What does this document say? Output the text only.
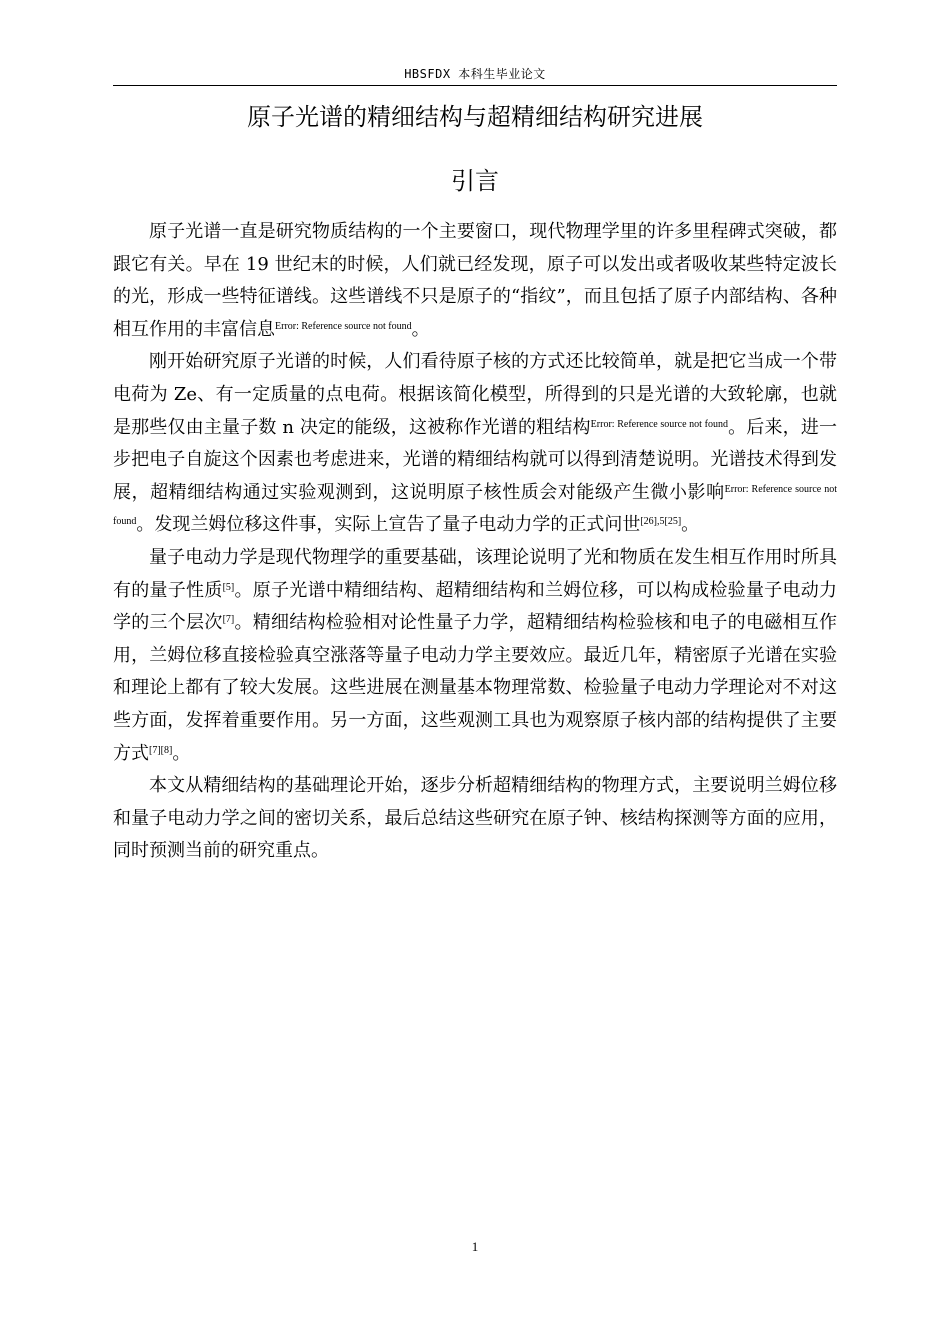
HBSFDX 本科生毕业论文
原子光谱的精细结构与超精细结构研究进展
引言

原子光谱一直是研究物质结构的一个主要窗口，现代物理学里的许多里程碑式突破，都跟它有关。早在 19 世纪末的时候，人们就已经发现，原子可以发出或者吸收某些特定波长的光，形成一些特征谱线。这些谱线不只是原子的“指纹”，而且包括了原子内部结构、各种相互作用的丰富信息$^{Error: Reference source not found}$。

刚开始研究原子光谱的时候，人们看待原子核的方式还比较简单，就是把它当成一个带电荷为 Ze、有一定质量的点电荷。根据该简化模型，所得到的只是光谱的大致轮廓，也就是那些仅由主量子数 n 决定的能级，这被称作光谱的粗结构$^{Error: Reference source not found}$。后来，进一步把电子自旋这个因素也考虑进来，光谱的精细结构就可以得到清楚说明。光谱技术得到发展，超精细结构通过实验观测到，这说明原子核性质会对能级产生微小影响$^{Error: Reference source not found}$。发现兰姆位移这件事，实际上宣告了量子电动力学的正式问世[26],5[25]。

量子电动力学是现代物理学的重要基础，该理论说明了光和物质在发生相互作用时所具有的量子性质[5]。原子光谱中精细结构、超精细结构和兰姆位移，可以构成检验量子电动力学的三个层次[7]。精细结构检验相对论性量子力学，超精细结构检验核和电子的电磁相互作用，兰姆位移直接检验真空涨落等量子电动力学主要效应。最近几年，精密原子光谱在实验和理论上都有了较大发展。这些进展在测量基本物理常数、检验量子电动力学理论对不对这些方面，发挥着重要作用。另一方面，这些观测工具也为观察原子核内部的结构提供了主要方式[7][8]。

本文从精细结构的基础理论开始，逐步分析超精细结构的物理方式，主要说明兰姆位移和量子电动力学之间的密切关系，最后总结这些研究在原子钟、核结构探测等方面的应用，同时预测当前的研究重点。

1
